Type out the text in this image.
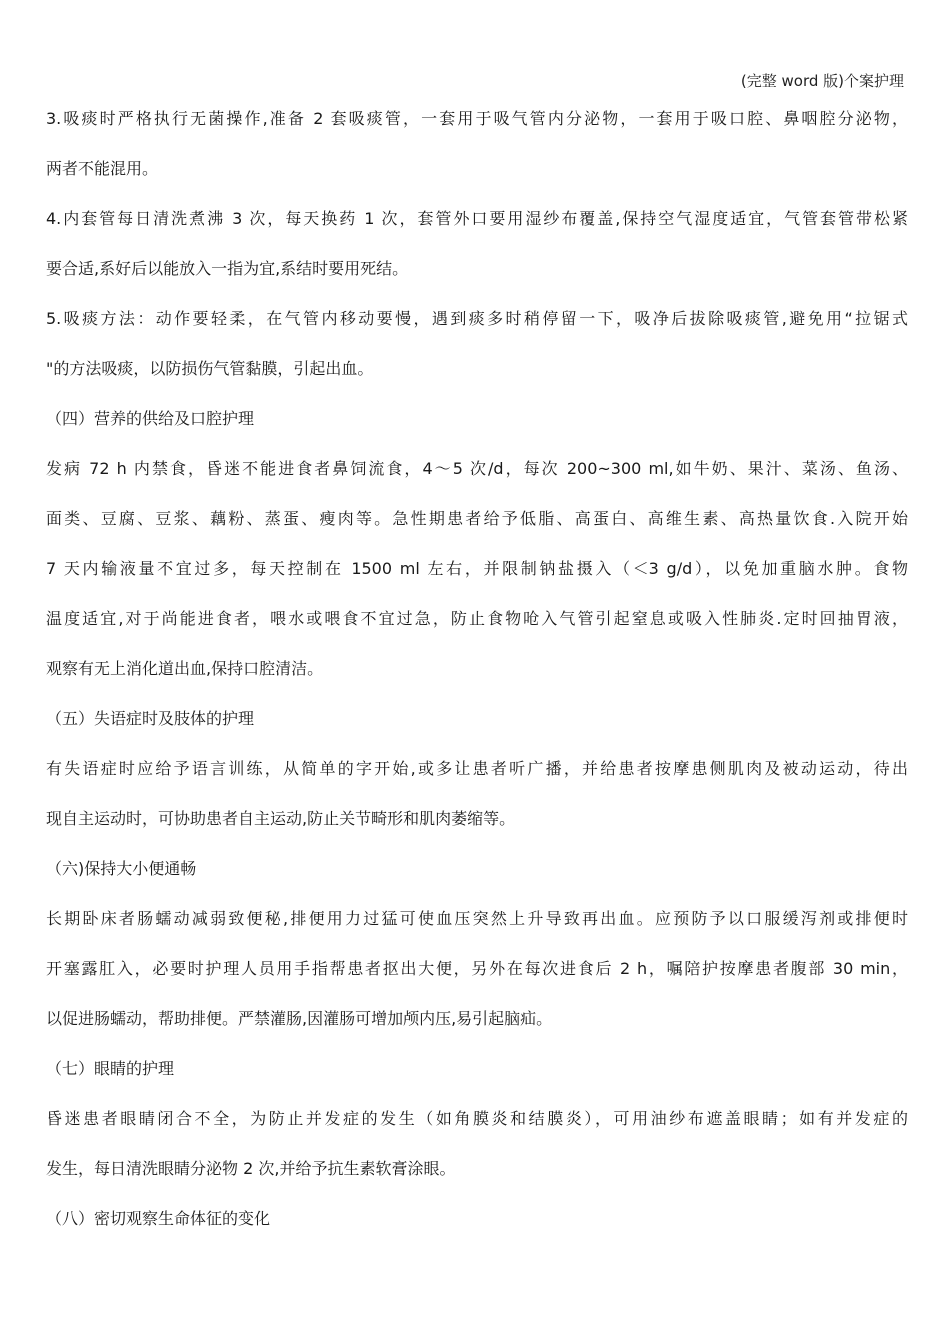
(完整 word 版)个案护理
3.吸痰时严格执行无菌操作,准备 2 套吸痰管，一套用于吸气管内分泌物，一套用于吸口腔、鼻咽腔分泌物，
两者不能混用。
4.内套管每日清洗煮沸 3 次，每天换药 1 次，套管外口要用湿纱布覆盖,保持空气湿度适宜，气管套管带松紧
要合适,系好后以能放入一指为宜,系结时要用死结。
5.吸痰方法：动作要轻柔，在气管内移动要慢，遇到痰多时稍停留一下，吸净后拔除吸痰管,避免用“拉锯式
"的方法吸痰，以防损伤气管黏膜，引起出血。
（四）营养的供给及口腔护理
发病 72 h 内禁食，昏迷不能进食者鼻饲流食，4～5 次/d，每次 200~300 ml,如牛奶、果汁、菜汤、鱼汤、
面类、豆腐、豆浆、藕粉、蒸蛋、瘦肉等。急性期患者给予低脂、高蛋白、高维生素、高热量饮食.入院开始
7 天内输液量不宜过多，每天控制在 1500 ml 左右，并限制钠盐摄入（＜3 g/d），以免加重脑水肿。食物
温度适宜,对于尚能进食者，喂水或喂食不宜过急，防止食物呛入气管引起窒息或吸入性肺炎.定时回抽胃液，
观察有无上消化道出血,保持口腔清洁。
（五）失语症时及肢体的护理
有失语症时应给予语言训练，从简单的字开始,或多让患者听广播，并给患者按摩患侧肌肉及被动运动，待出
现自主运动时，可协助患者自主运动,防止关节畸形和肌肉萎缩等。
（六)保持大小便通畅
长期卧床者肠蠕动减弱致便秘,排便用力过猛可使血压突然上升导致再出血。应预防予以口服缓泻剂或排便时
开塞露肛入，必要时护理人员用手指帮患者抠出大便，另外在每次进食后 2 h，嘱陪护按摩患者腹部 30 min，
以促进肠蠕动，帮助排便。严禁灌肠,因灌肠可增加颅内压,易引起脑疝。
（七）眼睛的护理
昏迷患者眼睛闭合不全，为防止并发症的发生（如角膜炎和结膜炎），可用油纱布遮盖眼睛；如有并发症的
发生，每日清洗眼睛分泌物 2 次,并给予抗生素软膏涂眼。
（八）密切观察生命体征的变化
